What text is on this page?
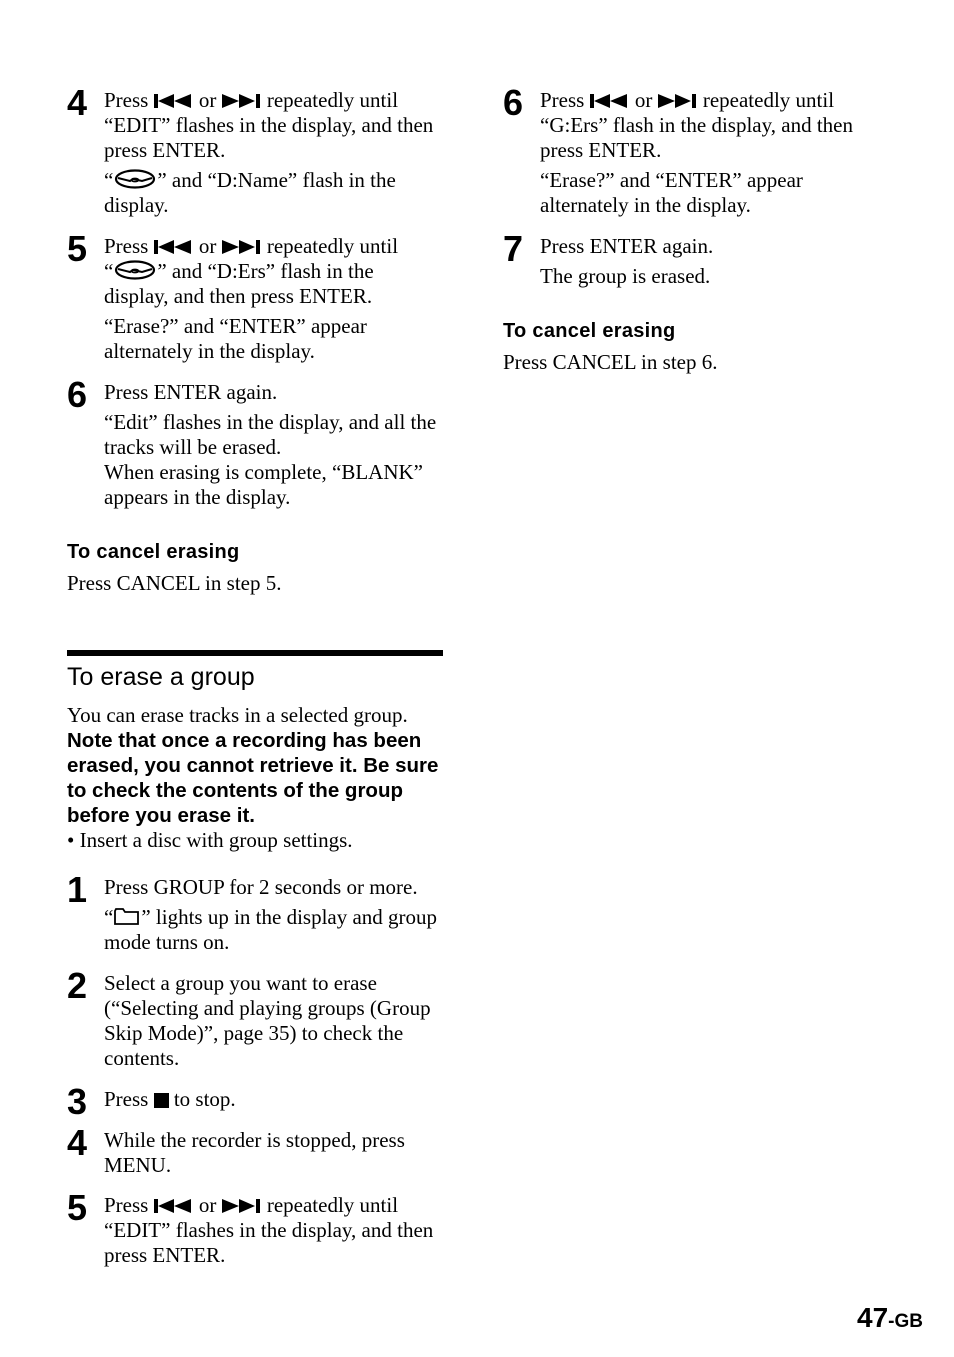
4 Press or repeatedly until “EDIT” flashes in the display, and then press ENTER.

“ ” and “D:Name” flash in the display.

5 Press or repeatedly until
“ ” and “D:Ers” flash in the display, and then press ENTER.

“Erase?” and “ENTER” appear alternately in the display.

6 Press ENTER again.

“Edit” flashes in the display, and all the tracks will be erased.

When erasing is complete, “BLANK” appears in the display.

To cancel erasing
Press CANCEL in step 5.
To erase a group
You can erase tracks in a selected group.
Note that once a recording has been erased, you cannot retrieve it. Be sure to check the contents of the group before you erase it.
• Insert a disc with group settings.
1 Press GROUP for 2 seconds or more.

“ ” lights up in the display and group mode turns on.

2 Select a group you want to erase (“Selecting and playing groups (Group Skip Mode)”, page 35) to check the contents.

3 Press to stop.

4 While the recorder is stopped, press MENU.

5 Press or repeatedly until “EDIT” flashes in the display, and then press ENTER.

6 Press or repeatedly until “G:Ers” flash in the display, and then press ENTER.

“Erase?” and “ENTER” appear alternately in the display.

7 Press ENTER again.

The group is erased.

To cancel erasing
Press CANCEL in step 6.
47-GB
